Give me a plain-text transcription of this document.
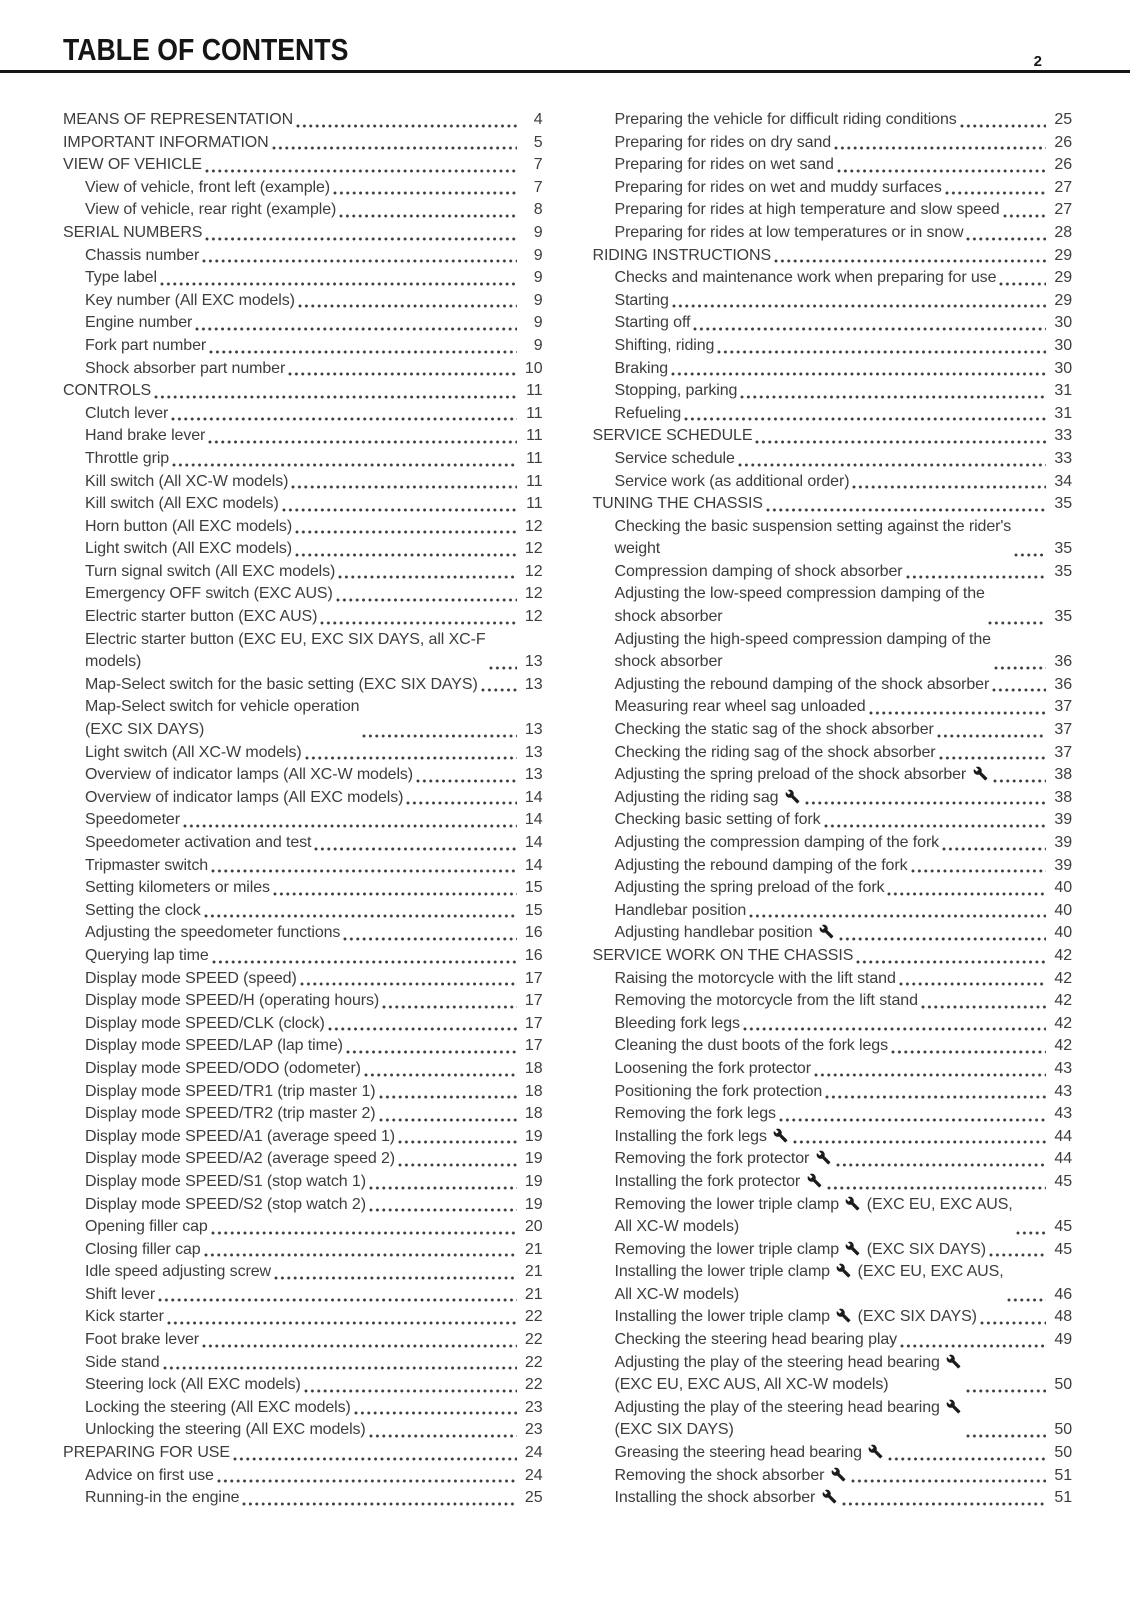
TABLE OF CONTENTS	2
MEANS OF REPRESENTATION	4
IMPORTANT INFORMATION	5
VIEW OF VEHICLE	7
View of vehicle, front left (example)	7
View of vehicle, rear right (example)	8
SERIAL NUMBERS	9
Chassis number	9
Type label	9
Key number (All EXC models)	9
Engine number	9
Fork part number	9
Shock absorber part number	10
CONTROLS	11
Clutch lever	11
Hand brake lever	11
Throttle grip	11
Kill switch (All XC-W models)	11
Kill switch (All EXC models)	11
Horn button (All EXC models)	12
Light switch (All EXC models)	12
Turn signal switch (All EXC models)	12
Emergency OFF switch (EXC AUS)	12
Electric starter button (EXC AUS)	12
Electric starter button (EXC EU, EXC SIX DAYS, all XC-F
models)	13
Map-Select switch for the basic setting (EXC SIX DAYS)	13
Map-Select switch for vehicle operation
(EXC SIX DAYS)	13
Light switch (All XC-W models)	13
Overview of indicator lamps (All XC-W models)	13
Overview of indicator lamps (All EXC models)	14
Speedometer	14
Speedometer activation and test	14
Tripmaster switch	14
Setting kilometers or miles	15
Setting the clock	15
Adjusting the speedometer functions	16
Querying lap time	16
Display mode SPEED (speed)	17
Display mode SPEED/H (operating hours)	17
Display mode SPEED/CLK (clock)	17
Display mode SPEED/LAP (lap time)	17
Display mode SPEED/ODO (odometer)	18
Display mode SPEED/TR1 (trip master 1)	18
Display mode SPEED/TR2 (trip master 2)	18
Display mode SPEED/A1 (average speed 1)	19
Display mode SPEED/A2 (average speed 2)	19
Display mode SPEED/S1 (stop watch 1)	19
Display mode SPEED/S2 (stop watch 2)	19
Opening filler cap	20
Closing filler cap	21
Idle speed adjusting screw	21
Shift lever	21
Kick starter	22
Foot brake lever	22
Side stand	22
Steering lock (All EXC models)	22
Locking the steering (All EXC models)	23
Unlocking the steering (All EXC models)	23
PREPARING FOR USE	24
Advice on first use	24
Running-in the engine	25
Preparing the vehicle for difficult riding conditions	25
Preparing for rides on dry sand	26
Preparing for rides on wet sand	26
Preparing for rides on wet and muddy surfaces	27
Preparing for rides at high temperature and slow speed	27
Preparing for rides at low temperatures or in snow	28
RIDING INSTRUCTIONS	29
Checks and maintenance work when preparing for use	29
Starting	29
Starting off	30
Shifting, riding	30
Braking	30
Stopping, parking	31
Refueling	31
SERVICE SCHEDULE	33
Service schedule	33
Service work (as additional order)	34
TUNING THE CHASSIS	35
Checking the basic suspension setting against the rider's
weight	35
Compression damping of shock absorber	35
Adjusting the low-speed compression damping of the
shock absorber	35
Adjusting the high-speed compression damping of the
shock absorber	36
Adjusting the rebound damping of the shock absorber	36
Measuring rear wheel sag unloaded	37
Checking the static sag of the shock absorber	37
Checking the riding sag of the shock absorber	37
Adjusting the spring preload of the shock absorber	38
Adjusting the riding sag	38
Checking basic setting of fork	39
Adjusting the compression damping of the fork	39
Adjusting the rebound damping of the fork	39
Adjusting the spring preload of the fork	40
Handlebar position	40
Adjusting handlebar position	40
SERVICE WORK ON THE CHASSIS	42
Raising the motorcycle with the lift stand	42
Removing the motorcycle from the lift stand	42
Bleeding fork legs	42
Cleaning the dust boots of the fork legs	42
Loosening the fork protector	43
Positioning the fork protection	43
Removing the fork legs	43
Installing the fork legs	44
Removing the fork protector	44
Installing the fork protector	45
Removing the lower triple clamp
(EXC EU, EXC AUS,
All XC-W models)	45
Removing the lower triple clamp
(EXC SIX DAYS)	45
Installing the lower triple clamp
(EXC EU, EXC AUS,
All XC-W models)	46
Installing the lower triple clamp
(EXC SIX DAYS)	48
Checking the steering head bearing play	49
Adjusting the play of the steering head bearing

(EXC EU, EXC AUS, All XC-W models)	50
Adjusting the play of the steering head bearing

(EXC SIX DAYS)	50
Greasing the steering head bearing	50
Removing the shock absorber	51
Installing the shock absorber	51
